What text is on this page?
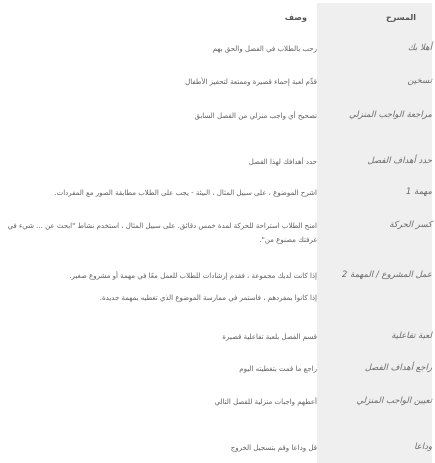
المسرح	وصف
أهلا بك	رحب بالطلاب في الفصل والحق بهم

تسخين	قدِّم لعبة إحماء قصيرة وممتعة لتحفيز الأطفال

مراجعة الواجب المنزلي	تصحيح أي واجب منزلي من الفصل السابق

حدد أهداف الفصل	حدد أهدافك لهذا الفصل

مهمة 1	اشرح الموضوع ، على سبيل المثال ، البيئة - يجب على الطلاب مطابقة الصور مع المفردات.

كسر الحركة	امنح الطلاب استراحة للحركة لمدة خمس دقائق. على سبيل المثال ، استخدم نشاط "ابحث عن ... شيء في غرفتك مصنوع من".

عمل المشروع / المهمة 2	إذا كانت لديك مجموعة ، فقدم إرشادات للطلاب للعمل معًا في مهمة أو مشروع صغير.
إذا كانوا بمفردهم ، فاستمر في ممارسة الموضوع الذي تغطيه بمهمة جديدة.

لعبة تفاعلية	قسم الفصل بلعبة تفاعلية قصيرة

راجع أهداف الفصل	راجع ما قمت بتغطيته اليوم

تعيين الواجب المنزلي	أعطهم واجبات منزلية للفصل التالي

وداعا	قل وداعا وقم بتسجيل الخروج
